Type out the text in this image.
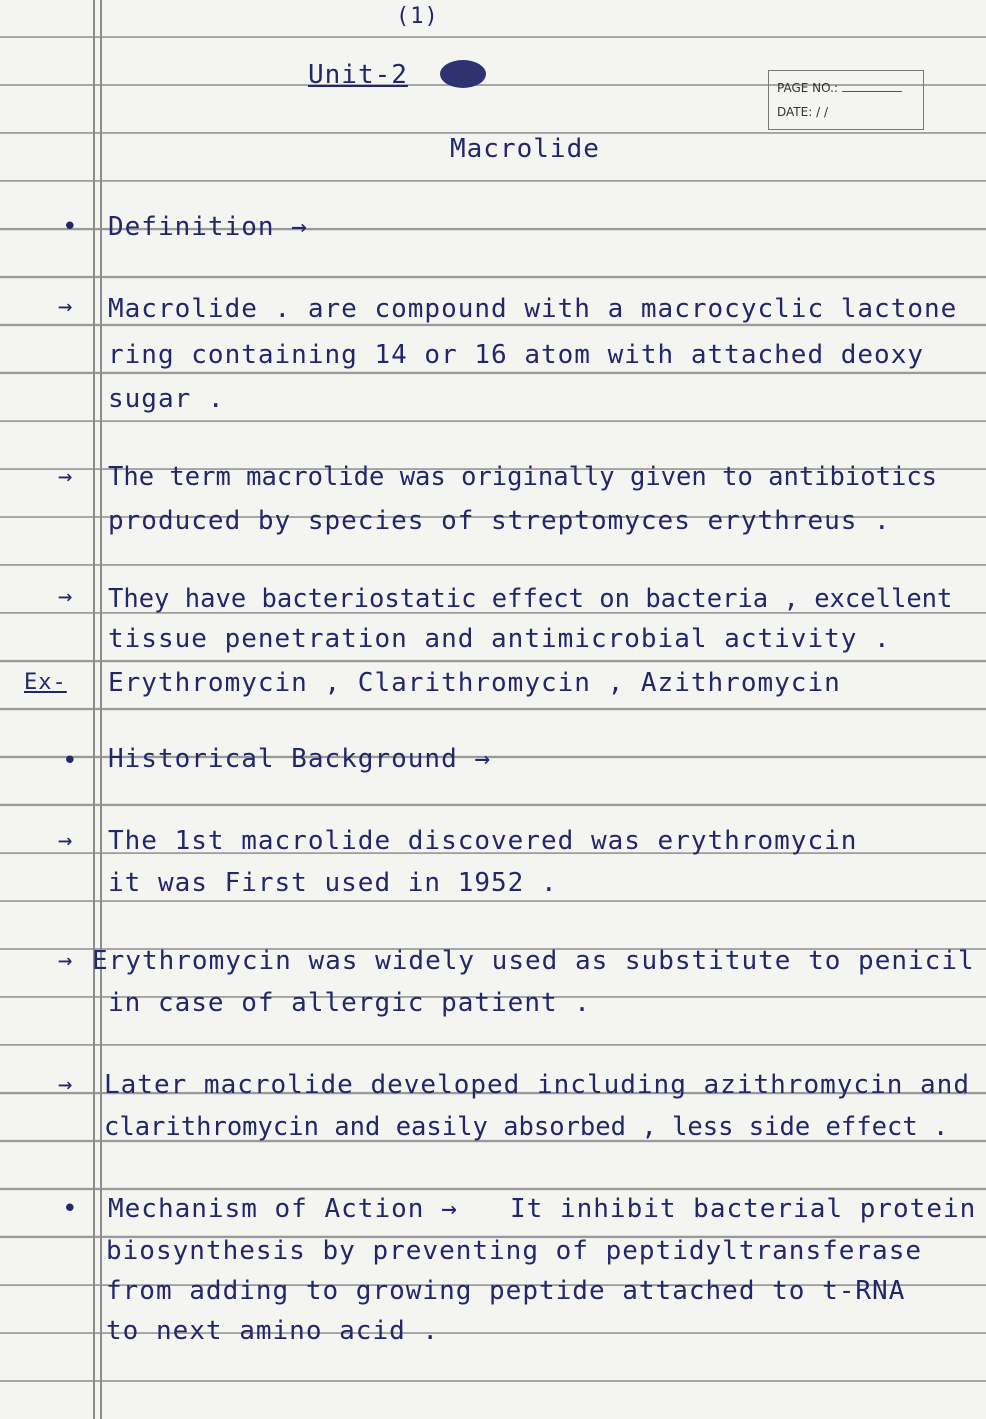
(1)
Unit-2	PAGE NO.:
DATE: / /
Macrolide
• Definition →
→ Macrolide . are compound with a macrocyclic lactone
ring containing 14 or 16 atom with attached deoxy
sugar .
→ The term macrolide was originally given to antibiotics
produced by species of streptomyces erythreus .
→ They have bacteriostatic effect on bacteria , excellent
tissue penetration and antimicrobial activity .
Ex- Erythromycin , Clarithromycin , Azithromycin
• Historical Background →
→ The 1st macrolide discovered was erythromycin
it was First used in 1952 .
→ Erythromycin was widely used as substitute to penicil
in case of allergic patient .
→ Later macrolide developed including azithromycin and
clarithromycin and easily absorbed , less side effect .
• Mechanism of Action → It inhibit bacterial protein
biosynthesis by preventing of peptidyltransferase
from adding to growing peptide attached to t-RNA
to next amino acid .
